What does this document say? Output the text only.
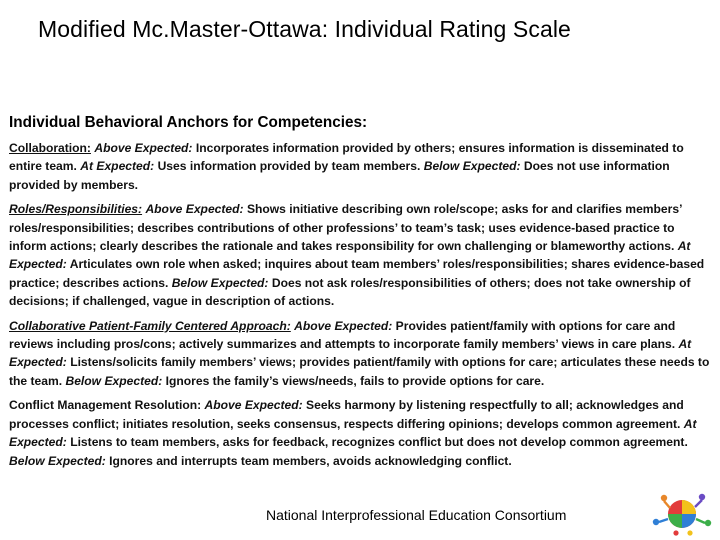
Modified Mc.Master-Ottawa: Individual Rating Scale
Individual Behavioral Anchors for Competencies:
Collaboration: Above Expected: Incorporates information provided by others; ensures information is disseminated to entire team. At Expected: Uses information provided by team members. Below Expected: Does not use information provided by members.
Roles/Responsibilities: Above Expected: Shows initiative describing own role/scope; asks for and clarifies members’ roles/responsibilities; describes contributions of other professions’ to team’s task; uses evidence-based practice to inform actions; clearly describes the rationale and takes responsibility for own challenging or blameworthy actions. At Expected: Articulates own role when asked; inquires about team members’ roles/responsibilities; shares evidence-based practice; describes actions. Below Expected: Does not ask roles/responsibilities of others; does not take ownership of decisions; if challenged, vague in description of actions.
Collaborative Patient-Family Centered Approach: Above Expected: Provides patient/family with options for care and reviews including pros/cons; actively summarizes and attempts to incorporate family members’ views in care plans. At Expected: Listens/solicits family members’ views; provides patient/family with options for care; articulates these needs to the team. Below Expected: Ignores the family’s views/needs, fails to provide options for care.
Conflict Management Resolution: Above Expected: Seeks harmony by listening respectfully to all; acknowledges and processes conflict; initiates resolution, seeks consensus, respects differing opinions; develops common agreement. At Expected: Listens to team members, asks for feedback, recognizes conflict but does not develop common agreement. Below Expected: Ignores and interrupts team members, avoids acknowledging conflict.
National Interprofessional Education Consortium
